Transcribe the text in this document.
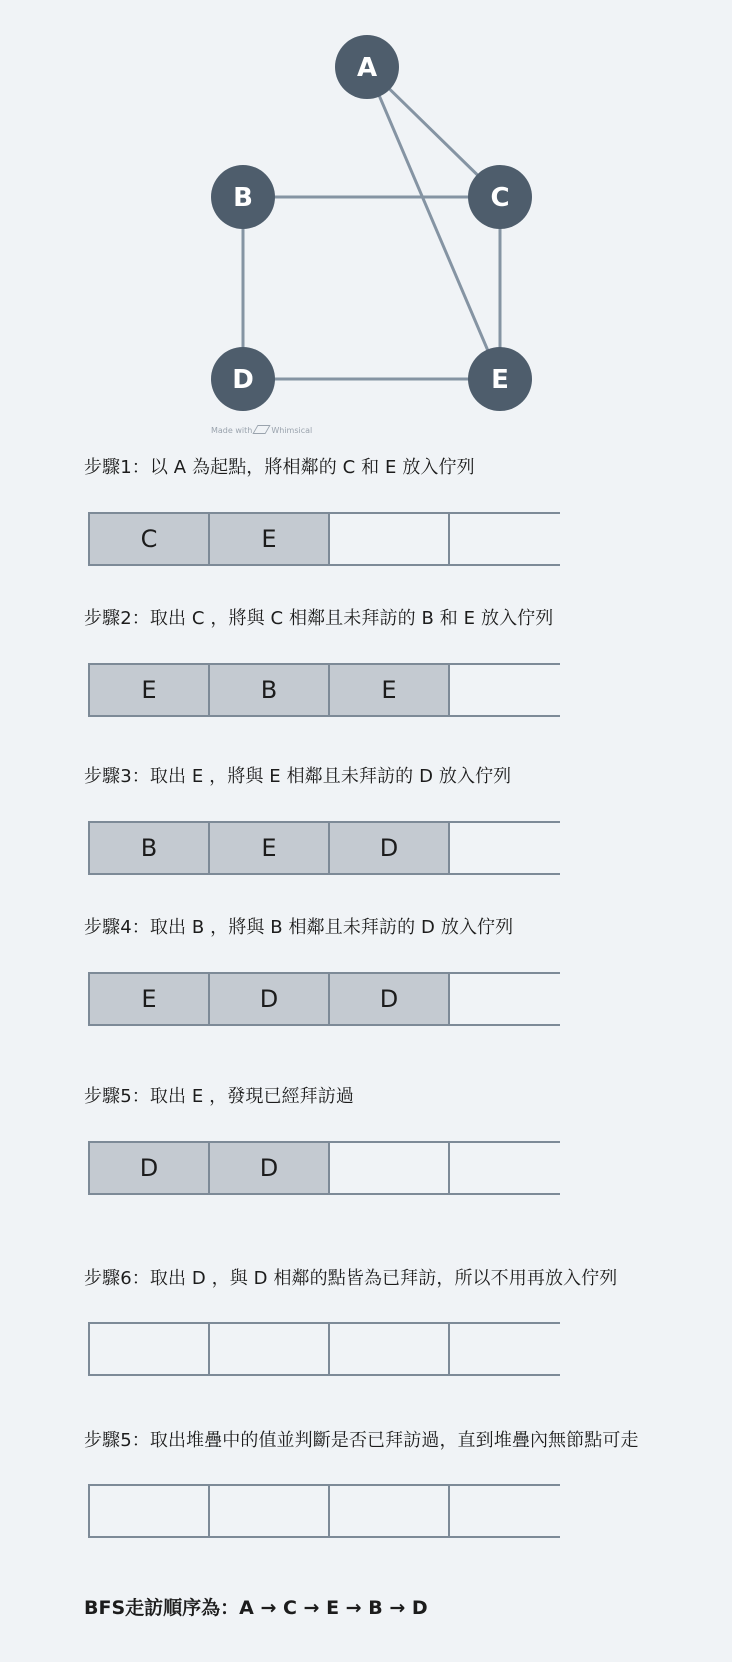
A
B	C
D	E
Made with Whimsical
步驟1：以 A 為起點，將相鄰的 C 和 E 放入佇列
C	E
步驟2：取出 C ，將與 C 相鄰且未拜訪的 B 和 E 放入佇列
E	B	E
步驟3：取出 E ，將與 E 相鄰且未拜訪的 D 放入佇列
B	E	D
步驟4：取出 B ，將與 B 相鄰且未拜訪的 D 放入佇列
E	D	D
步驟5：取出 E ，發現已經拜訪過
D	D
步驟6：取出 D ，與 D 相鄰的點皆為已拜訪，所以不用再放入佇列
步驟5：取出堆疊中的值並判斷是否已拜訪過，直到堆疊內無節點可走
BFS走訪順序為：A → C → E → B → D
